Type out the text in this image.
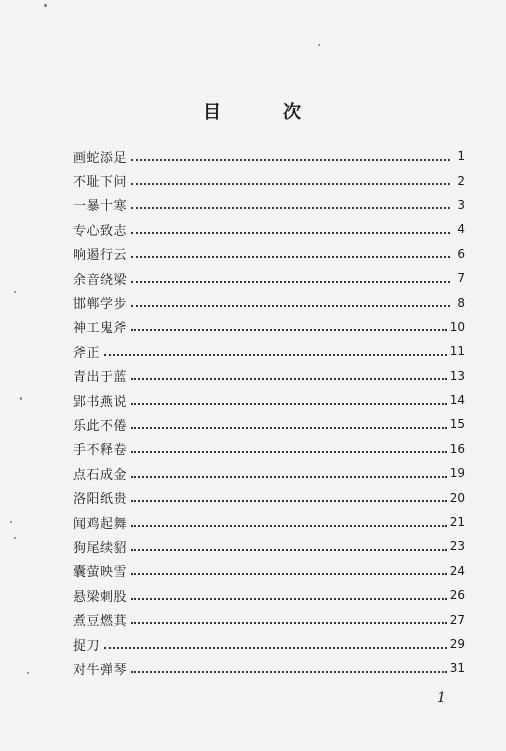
目	次
画蛇添足	1
不耻下问	2
一暴十寒	3
专心致志	4
响遏行云	6
余音绕梁	7
邯郸学步	8
神工鬼斧	10
斧正	11
青出于蓝	13
郢书燕说	14
乐此不倦	15
手不释卷	16
点石成金	19
洛阳纸贵	20
闻鸡起舞	21
狗尾续貂	23
囊萤映雪	24
悬梁刺股	26
煮豆燃萁	27
捉刀	29
对牛弹琴	31
1
